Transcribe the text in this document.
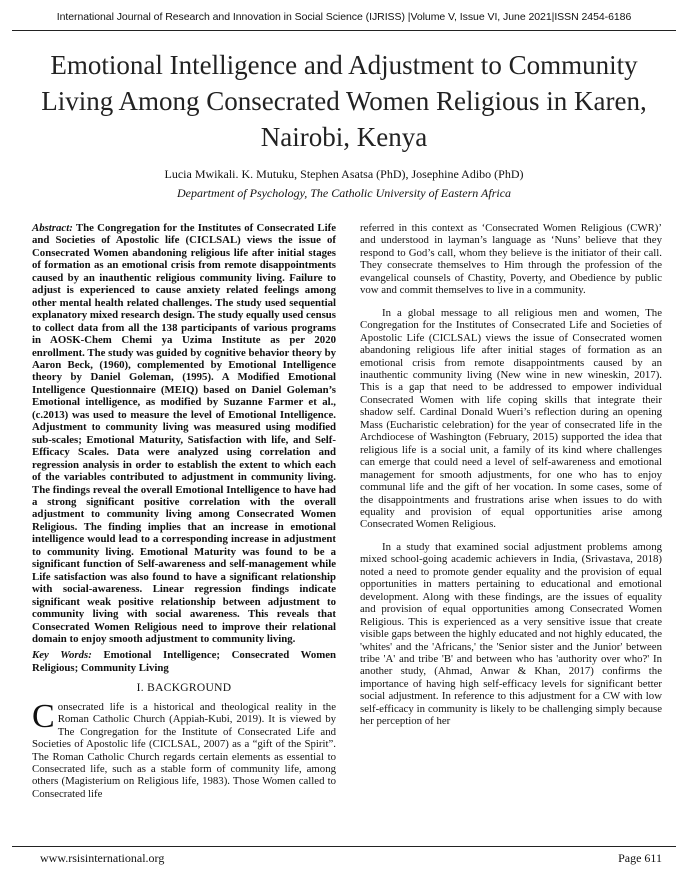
International Journal of Research and Innovation in Social Science (IJRISS) |Volume V, Issue VI, June 2021|ISSN 2454-6186
Emotional Intelligence and Adjustment to Community Living Among Consecrated Women Religious in Karen, Nairobi, Kenya
Lucia Mwikali. K. Mutuku, Stephen Asatsa (PhD), Josephine Adibo (PhD)
Department of Psychology, The Catholic University of Eastern Africa

Abstract: The Congregation for the Institutes of Consecrated Life and Societies of Apostolic life (CICLSAL) views the issue of Consecrated Women abandoning religious life after initial stages of formation as an emotional crisis from remote disappointments caused by an inauthentic religious community living. Failure to adjust is experienced to cause anxiety related feelings among other mental health related challenges. The study used sequential explanatory mixed research design. The study equally used census to collect data from all the 138 participants of various programs in AOSK-Chem Chemi ya Uzima Institute as per 2020 enrollment. The study was guided by cognitive behavior theory by Aaron Beck, (1960), complemented by Emotional Intelligence theory by Daniel Goleman, (1995). A Modified Emotional Intelligence Questionnaire (MEIQ) based on Daniel Goleman’s Emotional intelligence, as modified by Suzanne Farmer et al., (c.2013) was used to measure the level of Emotional Intelligence. Adjustment to community living was measured using modified sub-scales; Emotional Maturity, Satisfaction with life, and Self-Efficacy Scales. Data were analyzed using correlation and regression analysis in order to establish the extent to which each of the variables contributed to adjustment in community living. The findings reveal the overall Emotional Intelligence to have had a strong significant positive correlation with the overall adjustment to community living among Consecrated Women Religious. The finding implies that an increase in emotional intelligence would lead to a corresponding increase in adjustment to community living. Emotional Maturity was found to be a significant function of Self-awareness and self-management while Life satisfaction was also found to have a significant relationship with social-awareness. Linear regression findings indicate significant weak positive relationship between adjustment to community living with social awareness. This reveals that Consecrated Women Religious need to improve their relational domain to enjoy smooth adjustment to community living.

Key Words: Emotional Intelligence; Consecrated Women Religious; Community Living

I. BACKGROUND

Consecrated life is a historical and theological reality in the Roman Catholic Church (Appiah-Kubi, 2019). It is viewed by The Congregation for the Institute of Consecrated Life and Societies of Apostolic life (CICLSAL, 2007) as a “gift of the Spirit”. The Roman Catholic Church regards certain elements as essential to Consecrated life, such as a stable form of community life, among others (Magisterium on Religious life, 1983). Those Women called to Consecrated life

referred in this context as ‘Consecrated Women Religious (CWR)’ and understood in layman’s language as ‘Nuns’ believe that they respond to God’s call, whom they believe is the initiator of their call. They consecrate themselves to Him through the profession of the evangelical counsels of Chastity, Poverty, and Obedience by public vow and commit themselves to live in a community.

In a global message to all religious men and women, The Congregation for the Institutes of Consecrated Life and Societies of Apostolic Life (CICLSAL) views the issue of Consecrated women abandoning religious life after initial stages of formation as an emotional crisis from remote disappointments caused by an inauthentic community living (New wine in new wineskin, 2017). This is a gap that need to be addressed to empower individual Consecrated Women with life coping skills that integrate their shadow self. Cardinal Donald Wueri’s reflection during an opening Mass (Eucharistic celebration) for the year of consecrated life in the Archdiocese of Washington (February, 2015) supported the idea that religious life is a social unit, a family of its kind where challenges can emerge that could need a level of self-awareness and emotional management for smooth adjustments, for one who has to enjoy communal life and the gift of her vocation. In some cases, some of the disappointments and frustrations arise when issues to do with equality and provision of equal opportunities arise among Consecrated Women Religious.

In a study that examined social adjustment problems among mixed school-going academic achievers in India, (Srivastava, 2018) noted a need to promote gender equality and the provision of equal opportunities in matters pertaining to educational and emotional development. Along with these findings, are the issues of equality and provision of equal opportunities among Consecrated Women Religious. This is experienced as a very sensitive issue that create visible gaps between the highly educated and not highly educated, the 'whites' and the 'Africans,' the 'Senior sister and the Junior' between tribe 'A' and tribe 'B' and between who has 'authority over who?' In another study, (Ahmad, Anwar & Khan, 2017) confirms the importance of having high self-efficacy levels for significant better social adjustment. In reference to this adjustment for a CW with low self-efficacy in community is likely to be challenging simply because her perception of her

www.rsisinternational.org	Page 611
